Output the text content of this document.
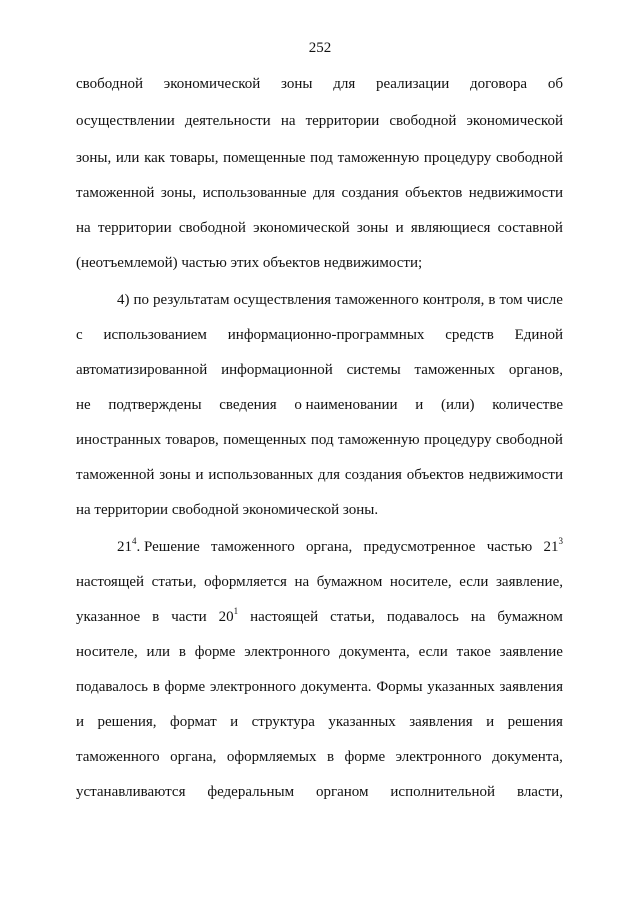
252
свободной экономической зоны для реализации договора об
осуществлении деятельности на территории свободной экономической
зоны, или как товары, помещенные под таможенную процедуру свободной
таможенной зоны, использованные для создания объектов недвижимости
на территории свободной экономической зоны и являющиеся составной
(неотъемлемой) частью этих объектов недвижимости;
4) по результатам осуществления таможенного контроля, в том числе
с использованием информационно-программных средств Единой
автоматизированной информационной системы таможенных органов,
не подтверждены сведения о наименовании и (или) количестве
иностранных товаров, помещенных под таможенную процедуру свободной
таможенной зоны и использованных для создания объектов недвижимости
на территории свободной экономической зоны.
$21^4$. Решение таможенного органа, предусмотренное частью $21^3$
настоящей статьи, оформляется на бумажном носителе, если заявление,
указанное в части $20^1$ настоящей статьи, подавалось на бумажном
носителе, или в форме электронного документа, если такое заявление
подавалось в форме электронного документа. Формы указанных заявления
и решения, формат и структура указанных заявления и решения
таможенного органа, оформляемых в форме электронного документа,
устанавливаются федеральным органом исполнительной власти,
